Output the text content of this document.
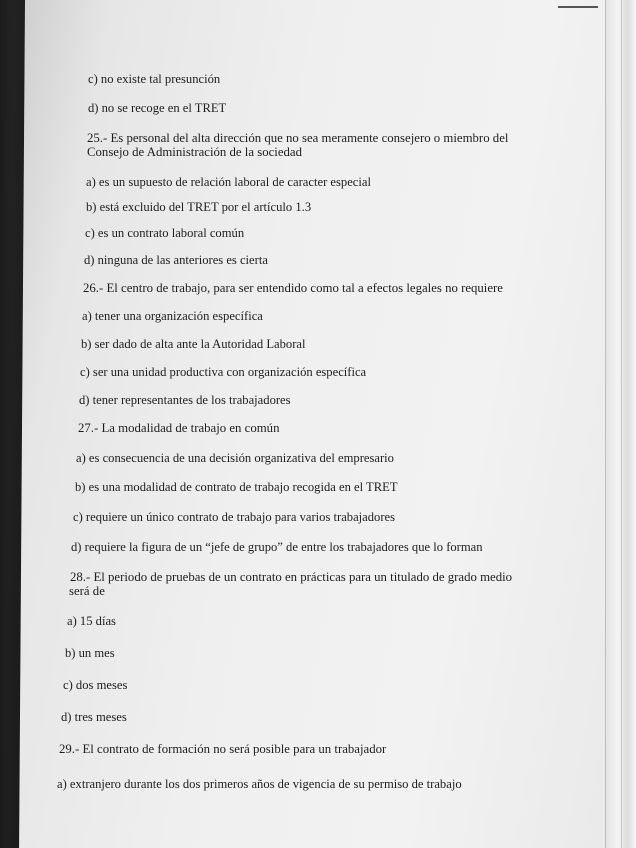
c) no existe tal presunción
d) no se recoge en el TRET
25.- Es personal del alta dirección que no sea meramente consejero o miembro del
Consejo de Administración de la sociedad
a) es un supuesto de relación laboral de caracter especial
b) está excluido del TRET por el artículo 1.3
c) es un contrato laboral común
d) ninguna de las anteriores es cierta
26.- El centro de trabajo, para ser entendido como tal a efectos legales no requiere
a) tener una organización específica
b) ser dado de alta ante la Autoridad Laboral
c) ser una unidad productiva con organización específica
d) tener representantes de los trabajadores
27.- La modalidad de trabajo en común
a) es consecuencia de una decisión organizativa del empresario
b) es una modalidad de contrato de trabajo recogida en el TRET
c) requiere un único contrato de trabajo para varios trabajadores
d) requiere la figura de un “jefe de grupo” de entre los trabajadores que lo forman
28.- El periodo de pruebas de un contrato en prácticas para un titulado de grado medio
será de
a) 15 días
b) un mes
c) dos meses
d) tres meses
29.- El contrato de formación no será posible para un trabajador
a) extranjero durante los dos primeros años de vigencia de su permiso de trabajo
